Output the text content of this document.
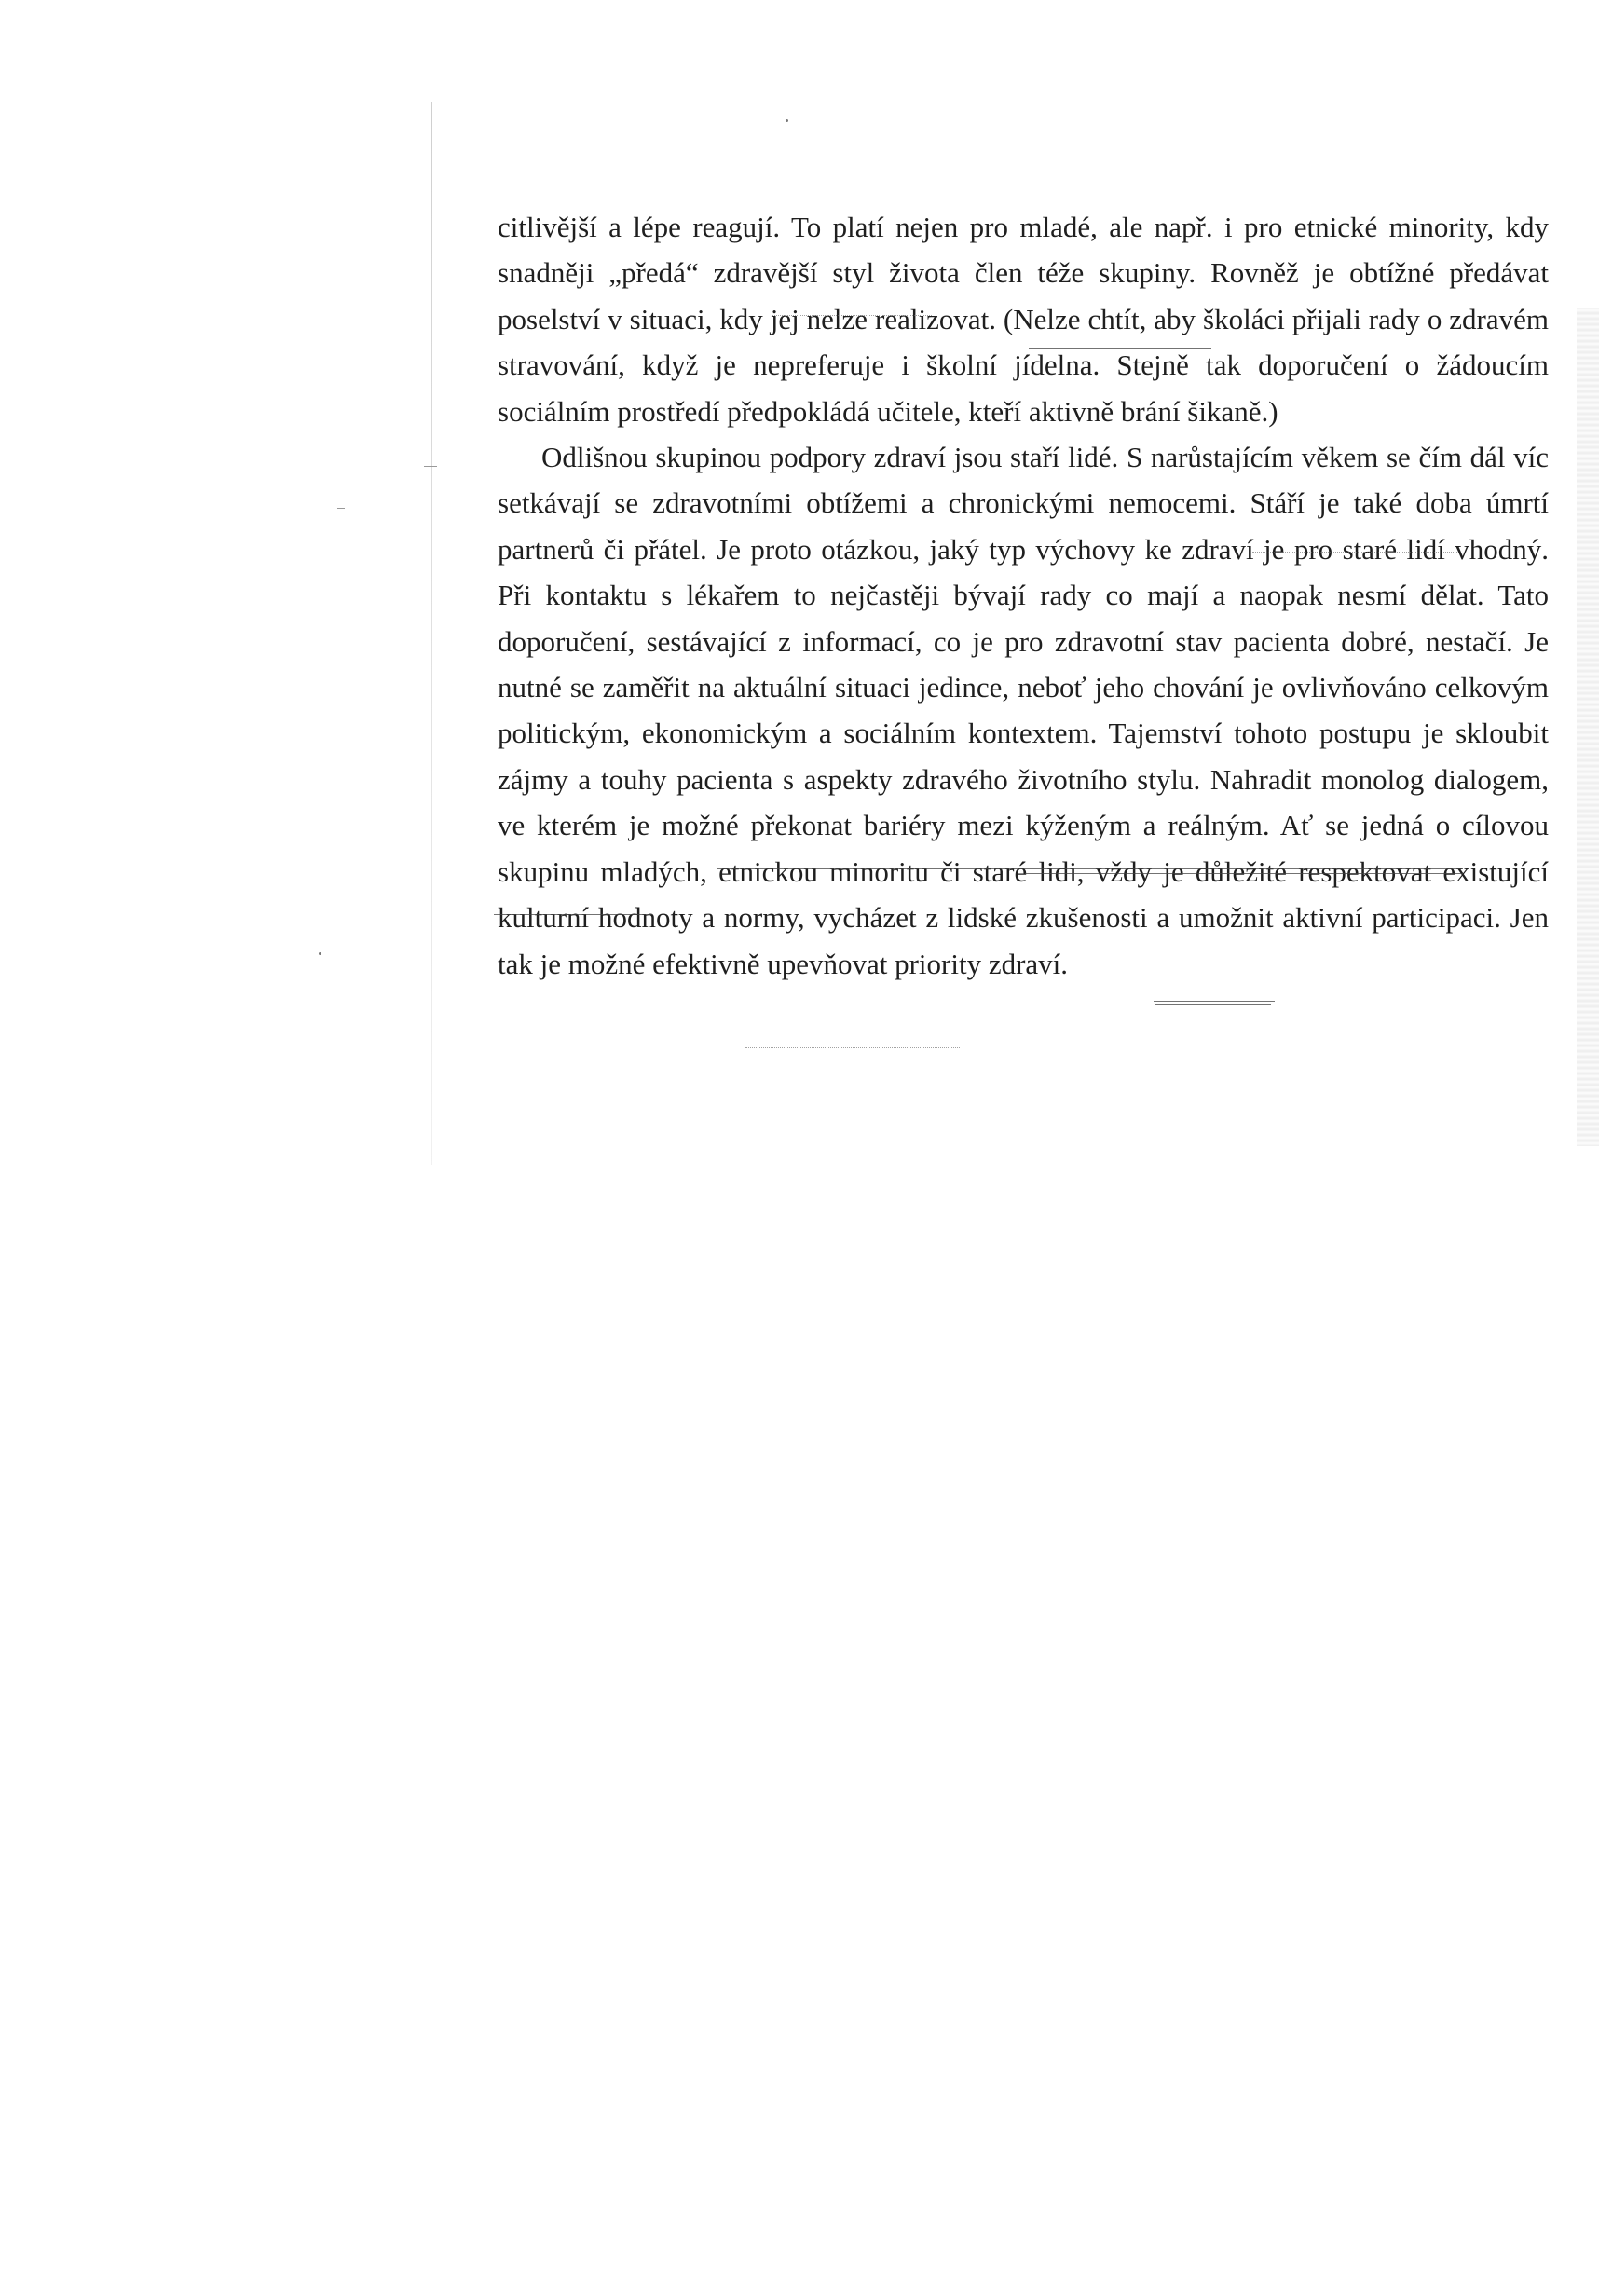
citlivější a lépe reagují. To platí nejen pro mladé, ale např. i pro etnické minority, kdy snadněji „předá“ zdravější styl života člen téže skupiny. Rovněž je obtížné předávat poselství v situaci, kdy jej nelze realizovat. (Nelze chtít, aby školáci přijali rady o zdravém stravování, když je nepreferuje i školní jídelna. Stejně tak doporučení o žádoucím sociálním prostředí předpokládá učitele, kteří aktivně brání šikaně.)

Odlišnou skupinou podpory zdraví jsou staří lidé. S narůstajícím věkem se čím dál víc setkávají se zdravotními obtížemi a chronickými nemocemi. Stáří je také doba úmrtí partnerů či přátel. Je proto otázkou, jaký typ výchovy ke zdraví je pro staré lidí vhodný. Při kontaktu s lékařem to nejčastěji bývají rady co mají a naopak nesmí dělat. Tato doporučení, sestávající z informací, co je pro zdravotní stav pacienta dobré, nestačí. Je nutné se zaměřit na aktuální situaci jedince, neboť jeho chování je ovlivňováno celkovým politickým, ekonomickým a sociálním kontextem. Tajemství tohoto postupu je skloubit zájmy a touhy pacienta s aspekty zdravého životního stylu. Nahradit monolog dialogem, ve kterém je možné překonat bariéry mezi kýženým a reálným. Ať se jedná o cílovou skupinu mladých, etnickou minoritu či staré lidi, vždy je důležité respektovat existující kulturní hodnoty a normy, vycházet z lidské zkušenosti a umožnit aktivní participaci. Jen tak je možné efektivně upevňovat priority zdraví.
